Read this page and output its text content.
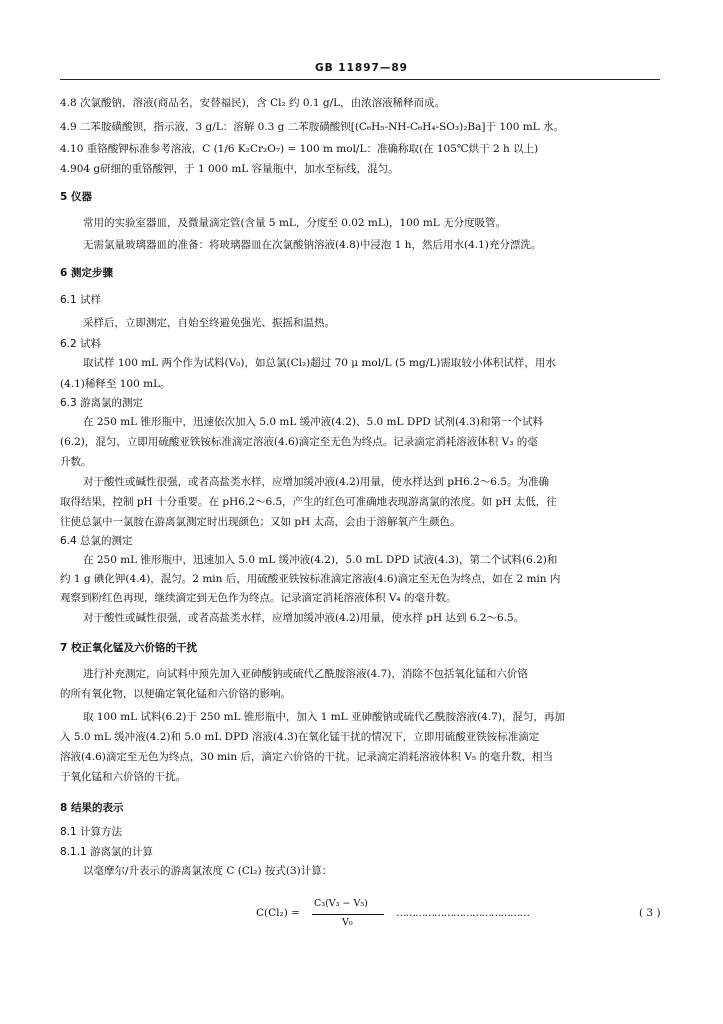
GB 11897—89
4.8 次氯酸钠，溶液(商品名，安替福民)，含 Cl₂ 约 0.1 g/L，由浓溶液稀释而成。
4.9 二苯胺磺酸钡，指示液，3 g/L：溶解 0.3 g 二苯胺磺酸钡[(C₆H₅-NH-C₆H₄-SO₃)₂Ba]于 100 mL 水。
4.10 重铬酸钾标准参考溶液，C (1/6 K₂Cr₂O₇) = 100 m mol/L：准确称取(在 105℃烘干 2 h 以上)
4.904 g研细的重铬酸钾，于 1 000 mL 容量瓶中，加水至标线，混匀。
5 仪器
常用的实验室器皿，及微量滴定管(含量 5 mL，分度至 0.02 mL)，100 mL 无分度吸管。
无需氯量玻璃器皿的准备：将玻璃器皿在次氯酸钠溶液(4.8)中浸泡 1 h，然后用水(4.1)充分漂洗。
6 测定步骤
6.1 试样
采样后，立即测定，自始至终避免强光、振摇和温热。
6.2 试料
取试样 100 mL 两个作为试料(V₀)，如总氯(Cl₂)超过 70 μ mol/L (5 mg/L)需取较小体积试样，用水
(4.1)稀释至 100 mL。
6.3 游离氯的测定
在 250 mL 锥形瓶中，迅速依次加入 5.0 mL 缓冲液(4.2)、5.0 mL DPD 试剂(4.3)和第一个试料
(6.2)，混匀，立即用硫酸亚铁铵标准滴定溶液(4.6)滴定至无色为终点。记录滴定消耗溶液体积 V₃ 的毫
升数。
对于酸性或碱性很强，或者高盐类水样，应增加缓冲液(4.2)用量，使水样达到 pH6.2～6.5。为准确
取得结果，控制 pH 十分重要。在 pH6.2～6.5，产生的红色可准确地表现游离氯的浓度。如 pH 太低，往
往使总氯中一氯胺在游离氯测定时出现颜色；又如 pH 太高，会由于溶解氧产生颜色。
6.4 总氯的测定
在 250 mL 锥形瓶中，迅速加入 5.0 mL 缓冲液(4.2)，5.0 mL DPD 试液(4.3)，第二个试料(6.2)和
约 1 g 碘化钾(4.4)，混匀。2 min 后，用硫酸亚铁铵标准滴定溶液(4.6)滴定至无色为终点，如在 2 min 内
观察到粉红色再现，继续滴定到无色作为终点。记录滴定消耗溶液体积 V₄ 的毫升数。
对于酸性或碱性很强，或者高盐类水样，应增加缓冲液(4.2)用量，使水样 pH 达到 6.2～6.5。
7 校正氧化锰及六价铬的干扰
进行补充测定，向试料中预先加入亚砷酸钠或硫代乙酰胺溶液(4.7)，消除不包括氧化锰和六价铬
的所有氧化物，以便确定氧化锰和六价铬的影响。
取 100 mL 试料(6.2)于 250 mL 锥形瓶中，加入 1 mL 亚砷酸钠或硫代乙酰胺溶液(4.7)，混匀，再加
入 5.0 mL 缓冲液(4.2)和 5.0 mL DPD 溶液(4.3)在氧化锰干扰的情况下，立即用硫酸亚铁铵标准滴定
溶液(4.6)滴定至无色为终点，30 min 后，滴定六价铬的干扰。记录滴定消耗溶液体积 V₅ 的毫升数，相当
于氧化锰和六价铬的干扰。
8 结果的表示
8.1 计算方法
8.1.1 游离氯的计算
以毫摩尔/升表示的游离氯浓度 C (Cl₂) 按式(3)计算：
C(Cl₂) =
C₃(V₃ − V₅)
V₀
……………………………………	( 3 )
